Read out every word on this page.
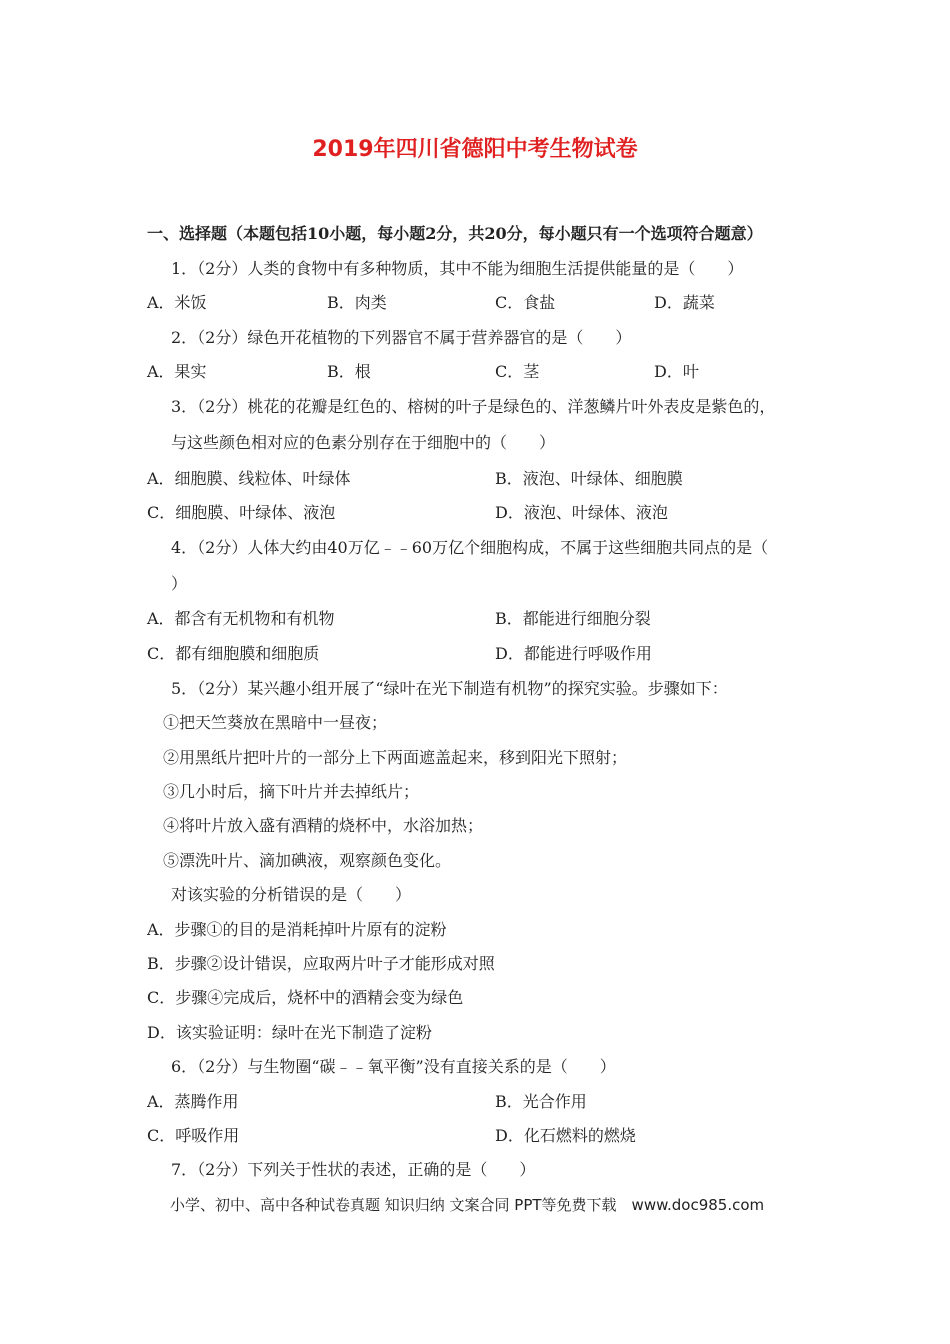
2019年四川省德阳中考生物试卷
一、选择题（本题包括10小题，每小题2分，共20分，每小题只有一个选项符合题意）
1．（2分）人类的食物中有多种物质，其中不能为细胞生活提供能量的是（　　）
A．米饭	B．肉类	C．食盐	D．蔬菜
2．（2分）绿色开花植物的下列器官不属于营养器官的是（　　）
A．果实	B．根	C．茎	D．叶
3．（2分）桃花的花瓣是红色的、榕树的叶子是绿色的、洋葱鳞片叶外表皮是紫色的，
与这些颜色相对应的色素分别存在于细胞中的（　　）
A．细胞膜、线粒体、叶绿体	B．液泡、叶绿体、细胞膜
C．细胞膜、叶绿体、液泡	D．液泡、叶绿体、液泡
4．（2分）人体大约由40万亿﹣﹣60万亿个细胞构成，不属于这些细胞共同点的是（
）
A．都含有无机物和有机物	B．都能进行细胞分裂
C．都有细胞膜和细胞质	D．都能进行呼吸作用
5．（2分）某兴趣小组开展了“绿叶在光下制造有机物”的探究实验。步骤如下：
①把天竺葵放在黑暗中一昼夜；
②用黑纸片把叶片的一部分上下两面遮盖起来，移到阳光下照射；
③几小时后，摘下叶片并去掉纸片；
④将叶片放入盛有酒精的烧杯中，水浴加热；
⑤漂洗叶片、滴加碘液，观察颜色变化。
对该实验的分析错误的是（　　）
A．步骤①的目的是消耗掉叶片原有的淀粉
B．步骤②设计错误，应取两片叶子才能形成对照
C．步骤④完成后，烧杯中的酒精会变为绿色
D．该实验证明：绿叶在光下制造了淀粉
6．（2分）与生物圈“碳﹣﹣氧平衡”没有直接关系的是（　　）
A．蒸腾作用	B．光合作用
C．呼吸作用	D．化石燃料的燃烧
7．（2分）下列关于性状的表述，正确的是（　　）
小学、初中、高中各种试卷真题 知识归纳 文案合同 PPT等免费下载　www.doc985.com
